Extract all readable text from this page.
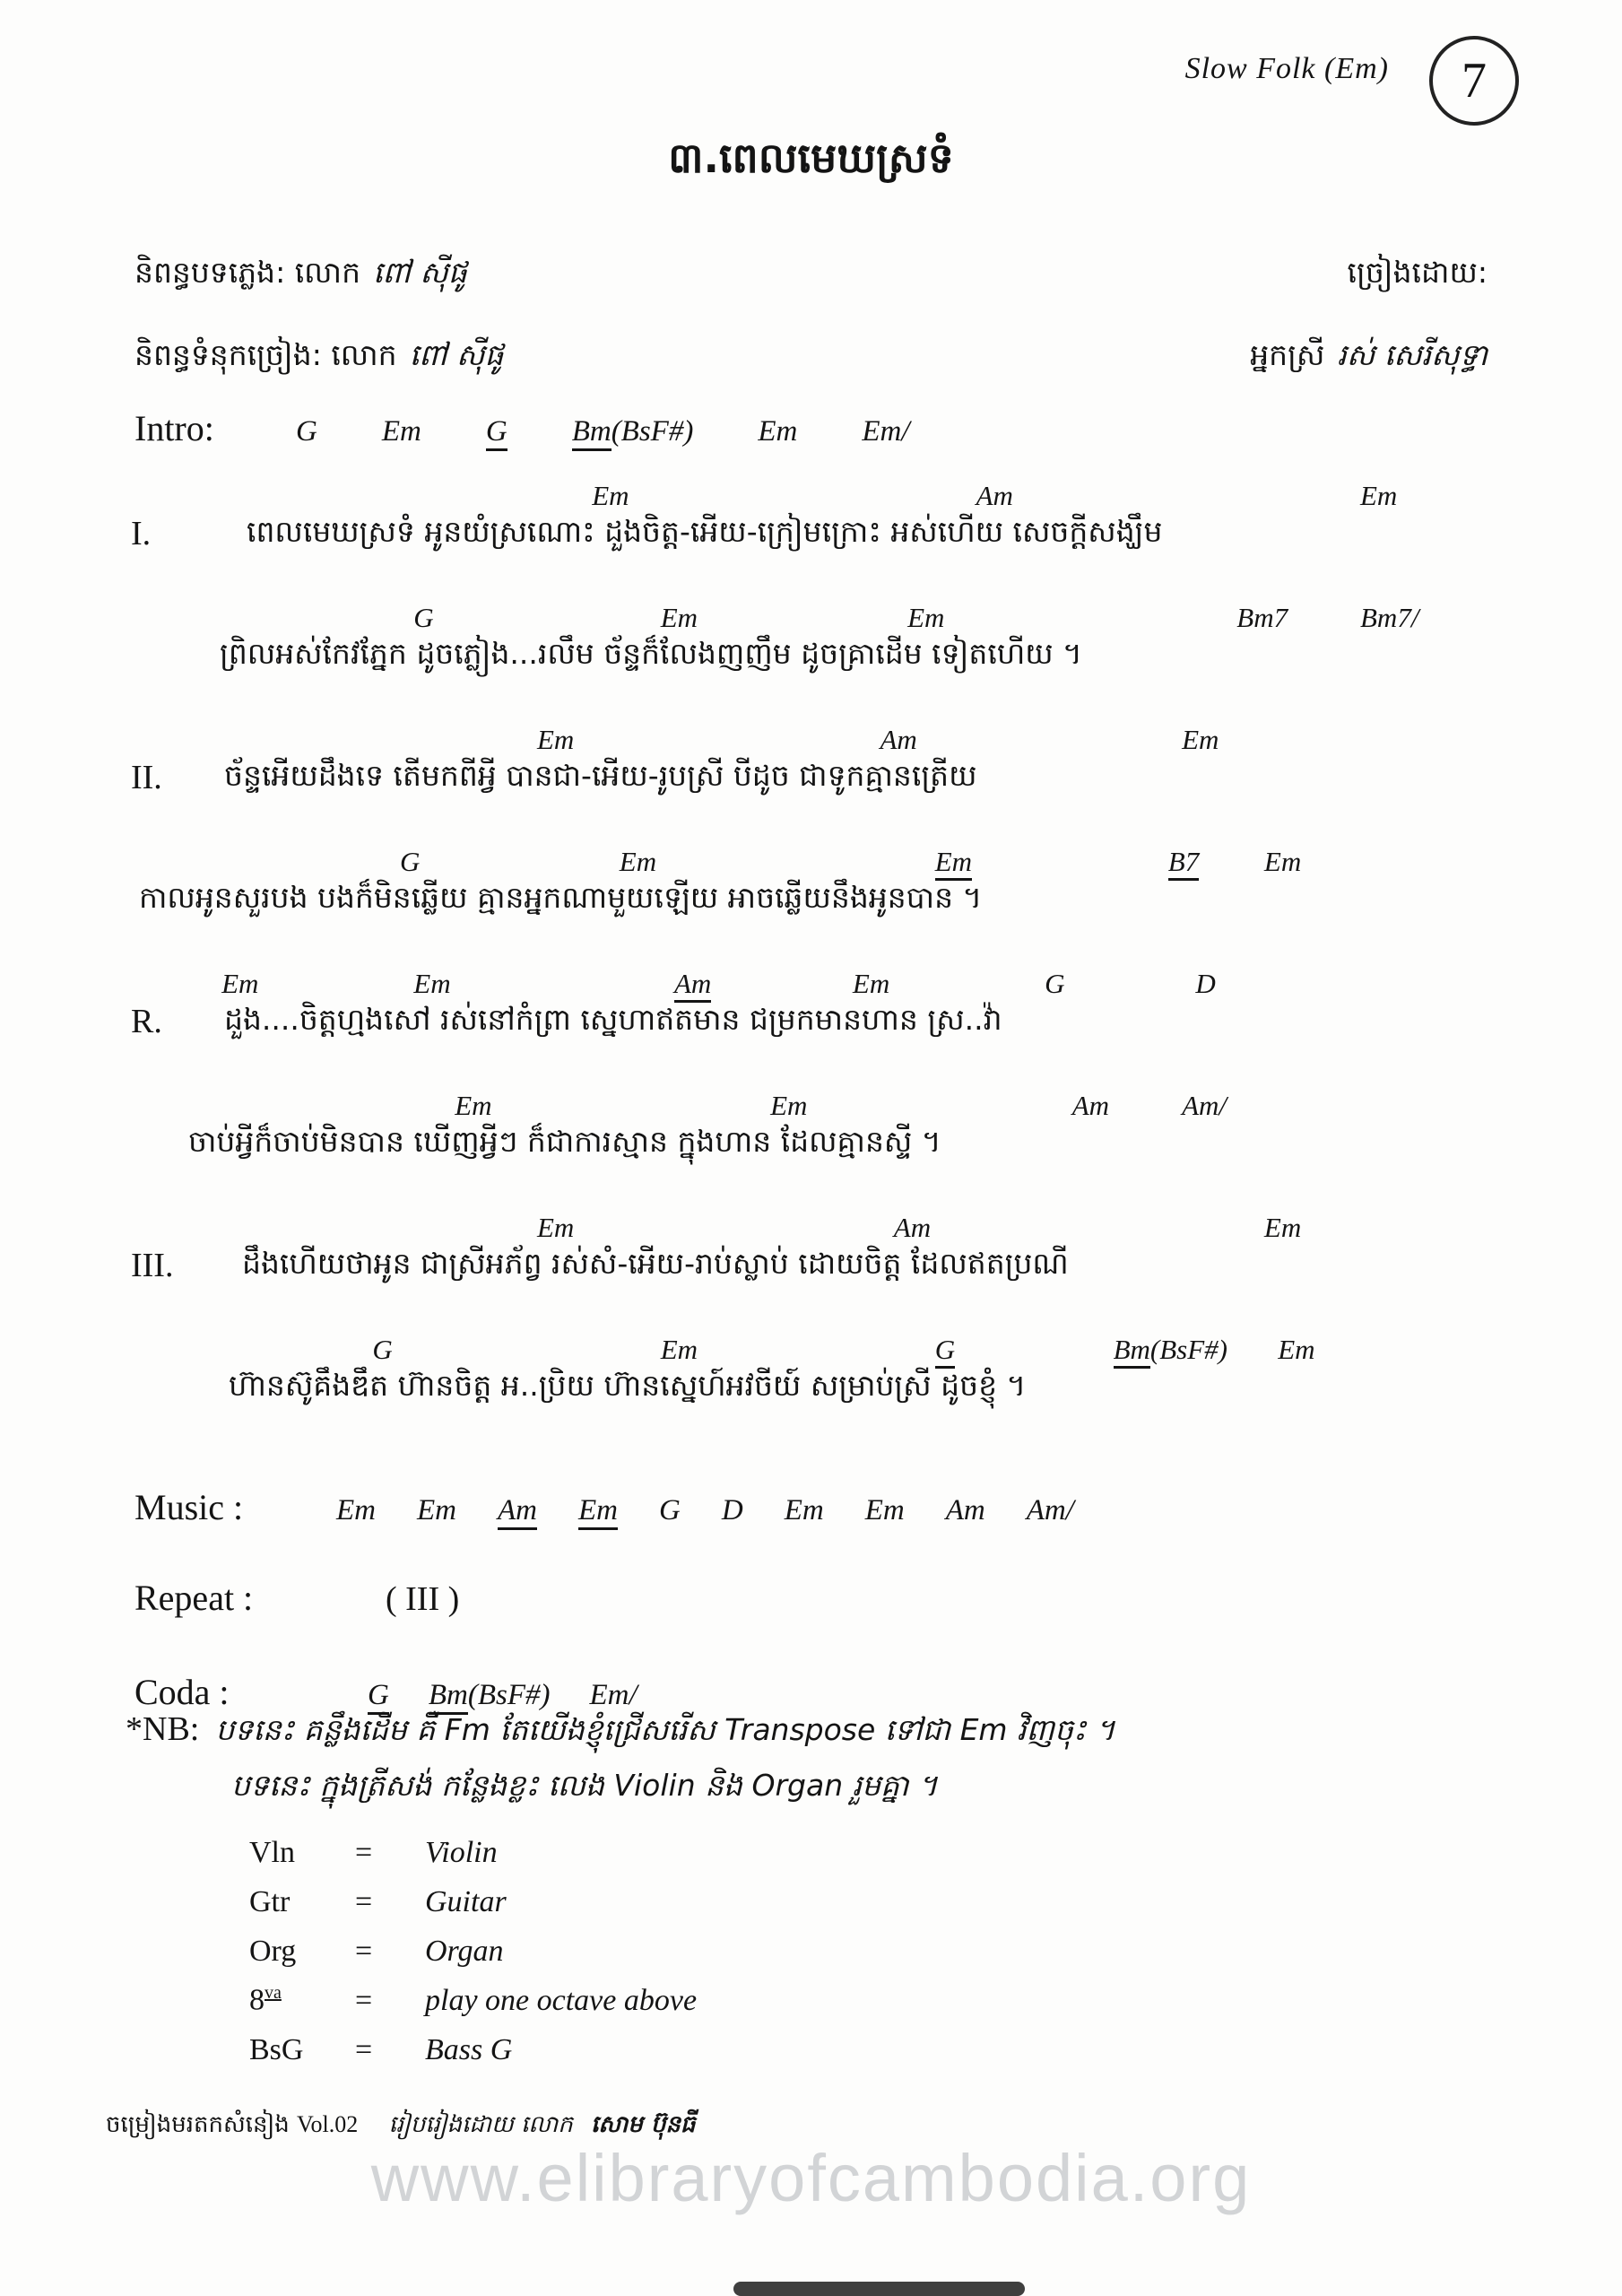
Slow Folk (Em) 7
៣.ពេលមេឃស្រទំ
និពន្ធបទភ្លេង: លោក ពៅ ស៊ីផូ
និពន្ធទំនុកច្រៀង: លោក ពៅ ស៊ីផូ
ច្រៀងដោយ:
អ្នកស្រី រស់ សេរីសុទ្ធា
Intro:	G Em G Bm(BsF#) Em Em/
Em	Am	Em
I.	ពេលមេឃស្រទំ អូនយំស្រណោះ ដួងចិត្ត-អើយ-ក្រៀមក្រោះ អស់ហើយ សេចក្តីសង្ឃឹម
G	Em	Em	Bm7	Bm7/
ព្រិលអស់កែវភ្នែក ដូចភ្លៀង...រលឹម ច័ន្ទក៏លែងញញឹម ដូចគ្រាដើម ទៀតហើយ ។
Em	Am	Em
II. ច័ន្ទអើយដឹងទេ តើមកពីអ្វី បានជា-អើយ-រូបស្រី បីដូច ជាទូកគ្មានត្រើយ
G	Em	Em	B7 Em
កាលអូនសួរបង បងក៏មិនឆ្លើយ គ្មានអ្នកណាមួយឡើយ អាចឆ្លើយនឹងអូនបាន ។
Em	Em	Am	Em	G	D
R. ដួង....ចិត្តហ្មងសៅ រស់នៅកំព្រា ស្នេហាឥតមាន ជម្រកមានហាន ស្រ..វ៉ា
Em	Em	Am	Am/
ចាប់អ្វីក៏ចាប់មិនបាន ឃើញអ្វីៗ ក៏ជាការស្មាន ក្នុងហាន ដែលគ្មានស្ទី ។
Em	Am	Em
III. ដឹងហើយថាអូន ជាស្រីអភ័ព្វ រស់សំ-អើយ-រាប់ស្លាប់ ដោយចិត្ត ដែលឥតប្រណី
G	Em	G	Bm(BsF#) Em
ហ៊ានស៊ូគឹងឌឹត ហ៊ានចិត្ត អ..ប្រិយ ហ៊ានស្នេហ៍អវចីយ៍ សម្រាប់ស្រី ដូចខ្ញុំ ។
Music :	Em Em Am Em G D Em Em Am Am/
Repeat :	( III )
Coda :	G Bm(BsF#) Em/
*NB: បទនេះ គន្លឹងដើម គឺ Fm តែយើងខ្ញុំជ្រើសរើស Transpose ទៅជា Em វិញចុះ ។
បទនេះ ក្នុងត្រីសង់ កន្លែងខ្លះ លេង Violin និង Organ រួមគ្នា ។
Vln	=	Violin
Gtr	=	Guitar
Org	=	Organ
$8^{va}$	=	play one octave above
BsG	=	Bass G
ចម្រៀងមរតកសំនៀង Vol.02 រៀបរៀងដោយ លោក សោម ប៊ុនធី
www.elibraryofcambodia.org
